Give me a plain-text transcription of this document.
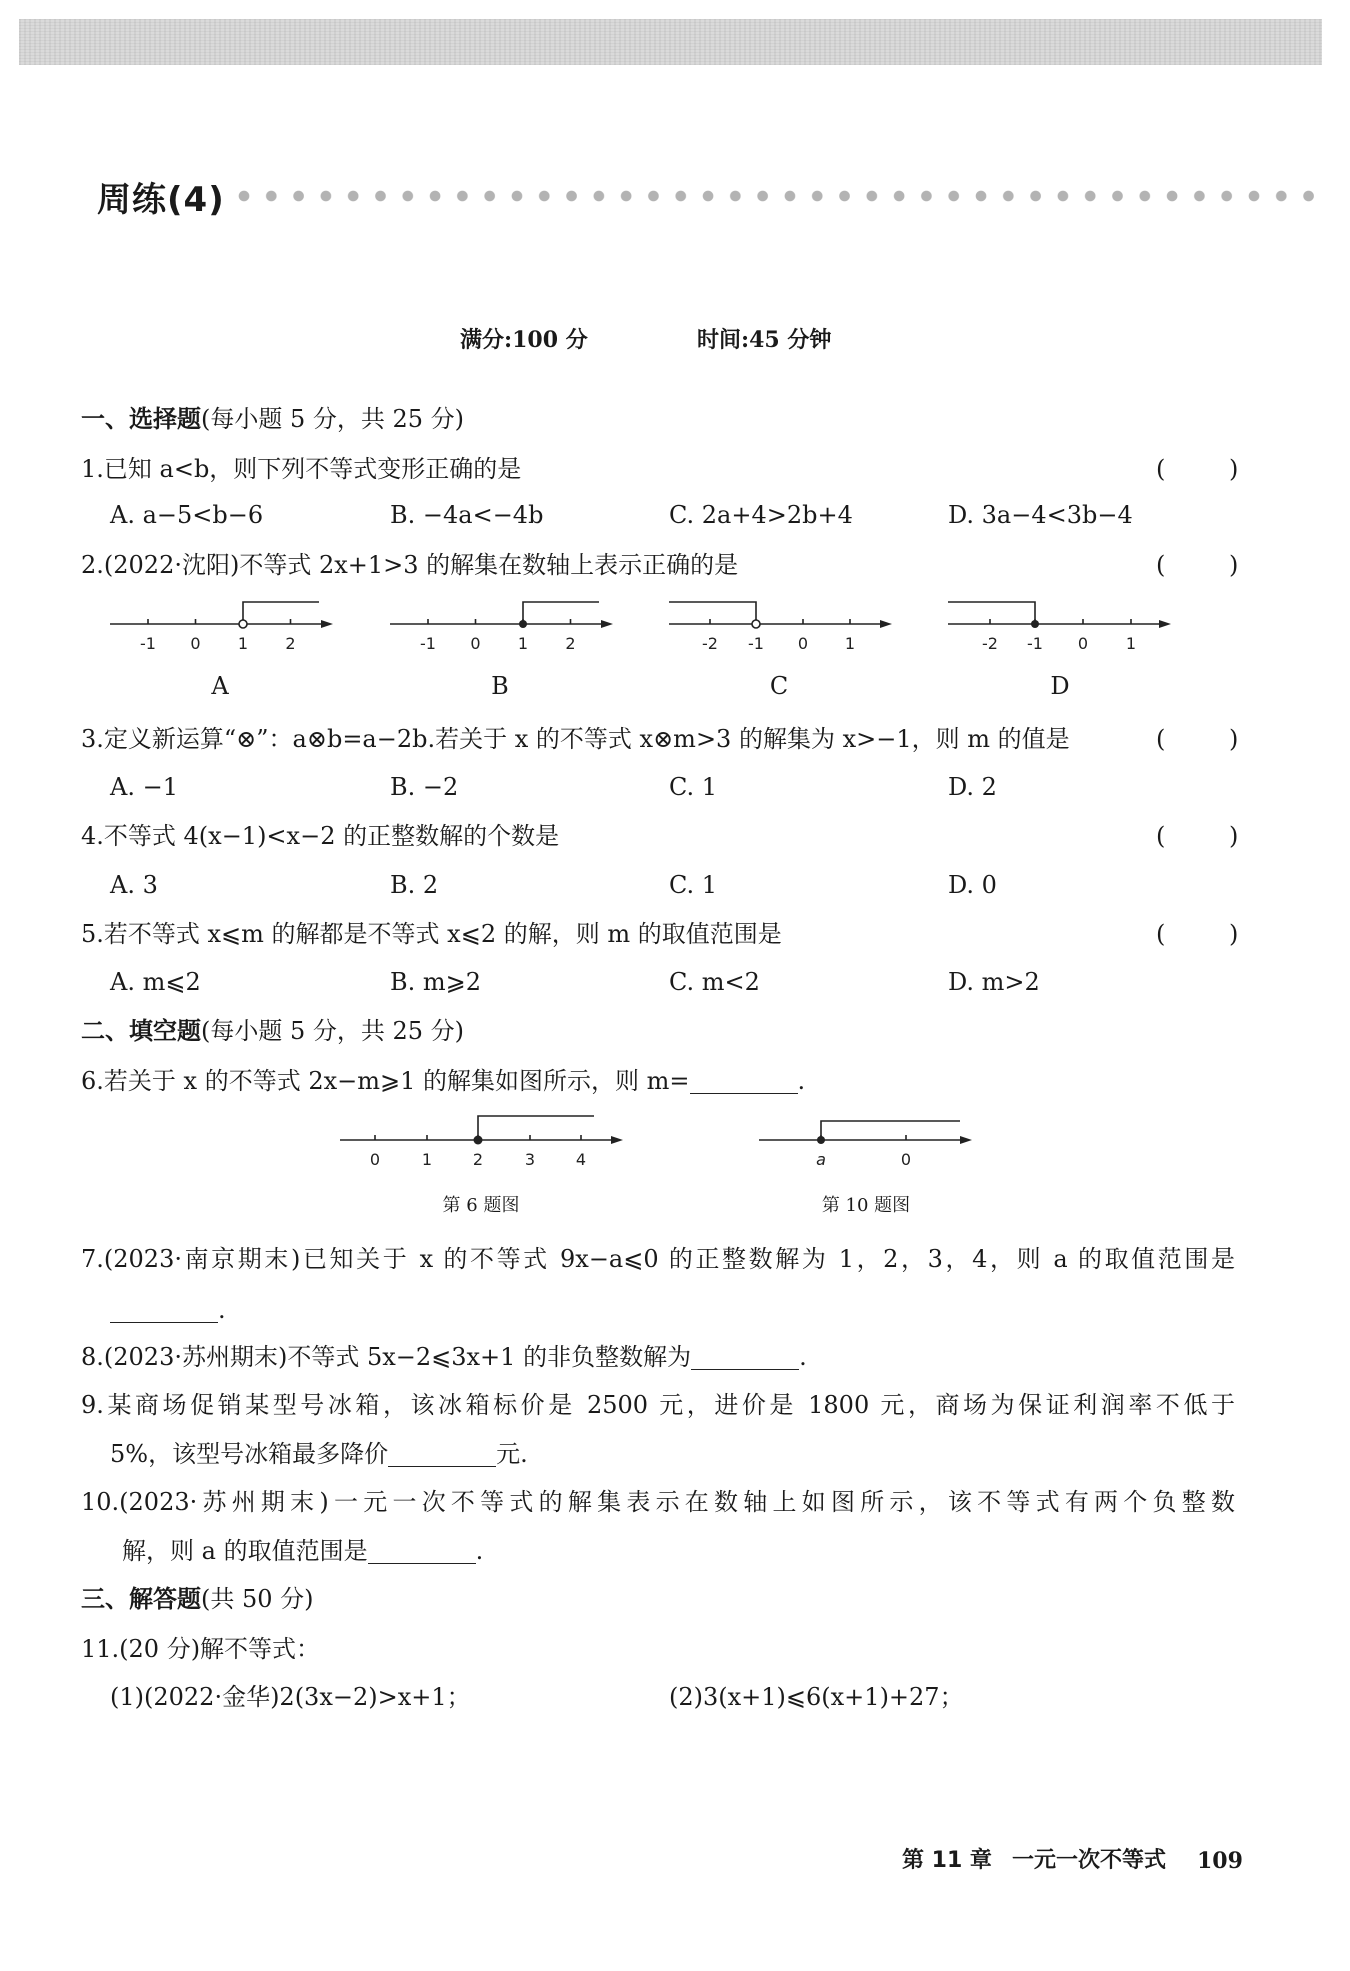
周练(4)
满分:100 分	时间:45 分钟
一、选择题(每小题 5 分，共 25 分)
1.已知 a<b，则下列不等式变形正确的是	(	)
A. a−5<b−6	B. −4a<−4b	C. 2a+4>2b+4	D. 3a−4<3b−4
2.(2022·沈阳)不等式 2x+1>3 的解集在数轴上表示正确的是	(	)
-1 0 1 2	-1 0 1 2	-2 -1 0 1	-2 -1 0 1
A	B	C	D
3.定义新运算“⊗”：a⊗b=a−2b.若关于 x 的不等式 x⊗m>3 的解集为 x>−1，则 m 的值是	(	)
A. −1	B. −2	C. 1	D. 2
4.不等式 4(x−1)<x−2 的正整数解的个数是	(	)
A. 3	B. 2	C. 1	D. 0
5.若不等式 x⩽m 的解都是不等式 x⩽2 的解，则 m 的取值范围是	(	)
A. m⩽2	B. m⩾2	C. m<2	D. m>2
二、填空题(每小题 5 分，共 25 分)
6.若关于 x 的不等式 2x−m⩾1 的解集如图所示，则 m=	.
0	1	2	3	4	a	0
第 6 题图	第 10 题图
7.(2023·南京期末)已知关于 x 的不等式 9x−a⩽0 的正整数解为 1，2，3，4，则 a 的取值范围是
.
8.(2023·苏州期末)不等式 5x−2⩽3x+1 的非负整数解为	.
9.某商场促销某型号冰箱，该冰箱标价是 2500 元，进价是 1800 元，商场为保证利润率不低于
5%，该型号冰箱最多降价	元.
10.(2023·苏州期末)一元一次不等式的解集表示在数轴上如图所示，该不等式有两个负整数
解，则 a 的取值范围是	.
三、解答题(共 50 分)
11.(20 分)解不等式：
(1)(2022·金华)2(3x−2)>x+1；	(2)3(x+1)⩽6(x+1)+27；
第 11 章 一元一次不等式 109
